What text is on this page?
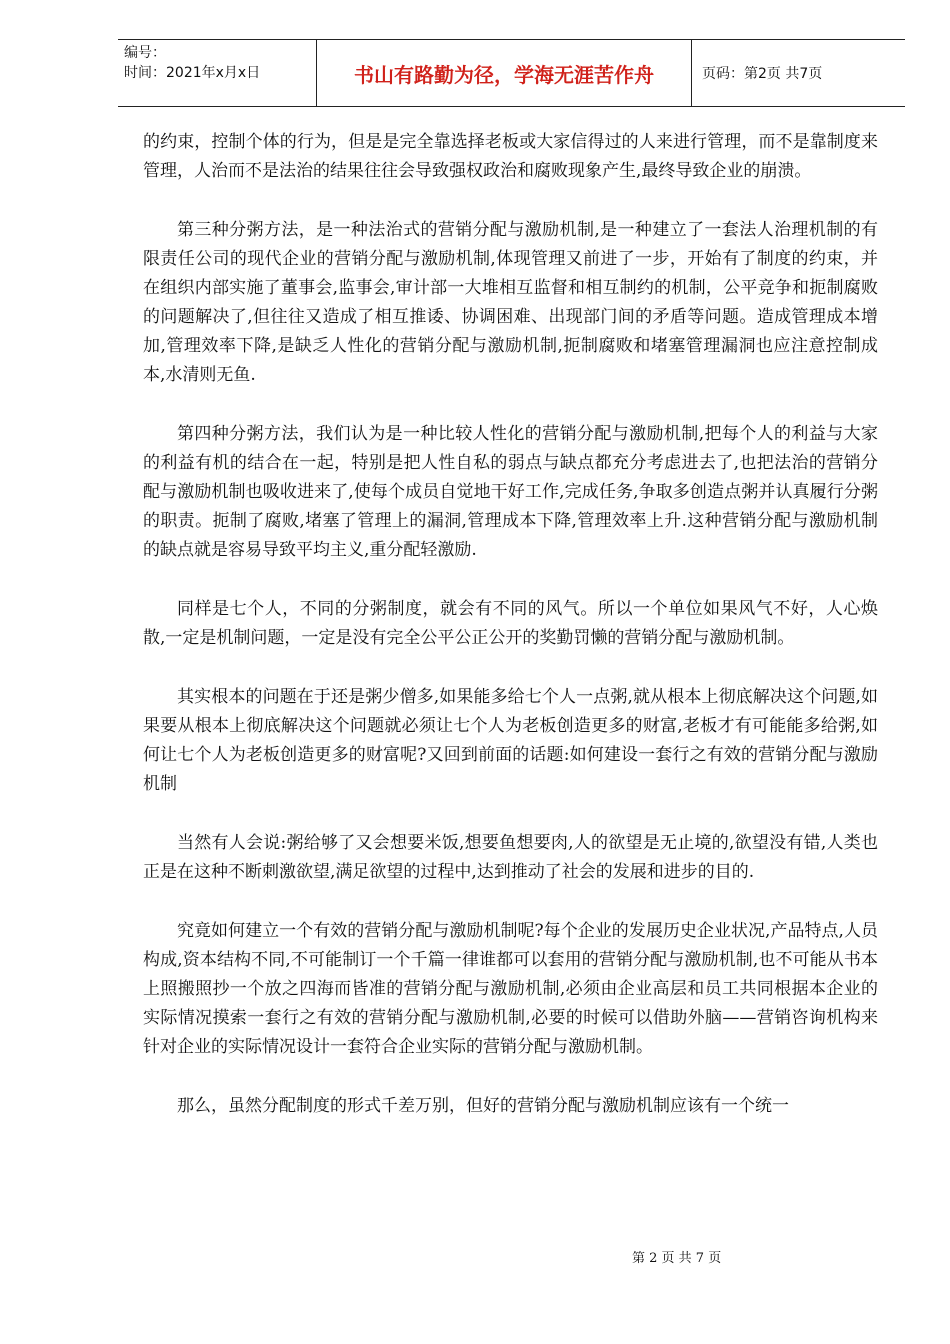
编号：
时间：2021年x月x日	书山有路勤为径，学海无涯苦作舟	页码：第2页 共7页

的约束，控制个体的行为，但是是完全靠选择老板或大家信得过的人来进行管理，而不是靠制度来管理，人治而不是法治的结果往往会导致强权政治和腐败现象产生,最终导致企业的崩溃。

第三种分粥方法，是一种法治式的营销分配与激励机制,是一种建立了一套法人治理机制的有限责任公司的现代企业的营销分配与激励机制,体现管理又前进了一步，开始有了制度的约束，并在组织内部实施了董事会,监事会,审计部一大堆相互监督和相互制约的机制，公平竞争和扼制腐败的问题解决了,但往往又造成了相互推诿、协调困难、出现部门间的矛盾等问题。造成管理成本增加,管理效率下降,是缺乏人性化的营销分配与激励机制,扼制腐败和堵塞管理漏洞也应注意控制成本,水清则无鱼.

第四种分粥方法，我们认为是一种比较人性化的营销分配与激励机制,把每个人的利益与大家的利益有机的结合在一起，特别是把人性自私的弱点与缺点都充分考虑进去了,也把法治的营销分配与激励机制也吸收进来了,使每个成员自觉地干好工作,完成任务,争取多创造点粥并认真履行分粥的职责。扼制了腐败,堵塞了管理上的漏洞,管理成本下降,管理效率上升.这种营销分配与激励机制的缺点就是容易导致平均主义,重分配轻激励.

同样是七个人，不同的分粥制度，就会有不同的风气。所以一个单位如果风气不好，人心焕散,一定是机制问题，一定是没有完全公平公正公开的奖勤罚懒的营销分配与激励机制。

其实根本的问题在于还是粥少僧多,如果能多给七个人一点粥,就从根本上彻底解决这个问题,如果要从根本上彻底解决这个问题就必须让七个人为老板创造更多的财富,老板才有可能能多给粥,如何让七个人为老板创造更多的财富呢?又回到前面的话题:如何建设一套行之有效的营销分配与激励机制

当然有人会说:粥给够了又会想要米饭,想要鱼想要肉,人的欲望是无止境的,欲望没有错,人类也正是在这种不断刺激欲望,满足欲望的过程中,达到推动了社会的发展和进步的目的.

究竟如何建立一个有效的营销分配与激励机制呢?每个企业的发展历史企业状况,产品特点,人员构成,资本结构不同,不可能制订一个千篇一律谁都可以套用的营销分配与激励机制,也不可能从书本上照搬照抄一个放之四海而皆准的营销分配与激励机制,必须由企业高层和员工共同根据本企业的实际情况摸索一套行之有效的营销分配与激励机制,必要的时候可以借助外脑——营销咨询机构来针对企业的实际情况设计一套符合企业实际的营销分配与激励机制。

那么，虽然分配制度的形式千差万别，但好的营销分配与激励机制应该有一个统一

第 2 页 共 7 页
